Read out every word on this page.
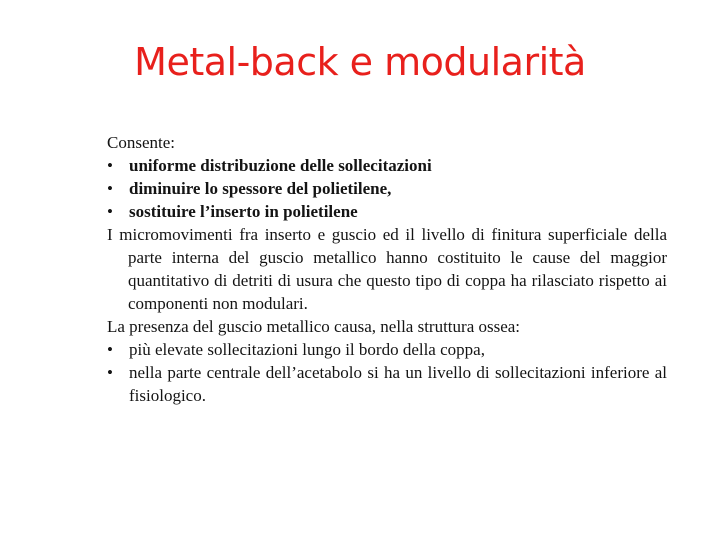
Metal-back e modularità
Consente:
• uniforme distribuzione delle sollecitazioni
• diminuire lo spessore del polietilene,
• sostituire l’inserto in polietilene
I micromovimenti fra inserto e guscio ed il livello di finitura superficiale della parte interna del guscio metallico hanno costituito le cause del maggior quantitativo di detriti di usura che questo tipo di coppa ha rilasciato rispetto ai componenti non modulari.
La presenza del guscio metallico causa, nella struttura ossea:
• più elevate sollecitazioni lungo il bordo della coppa,
• nella parte centrale dell’acetabolo si ha un livello di sollecitazioni inferiore al fisiologico.
